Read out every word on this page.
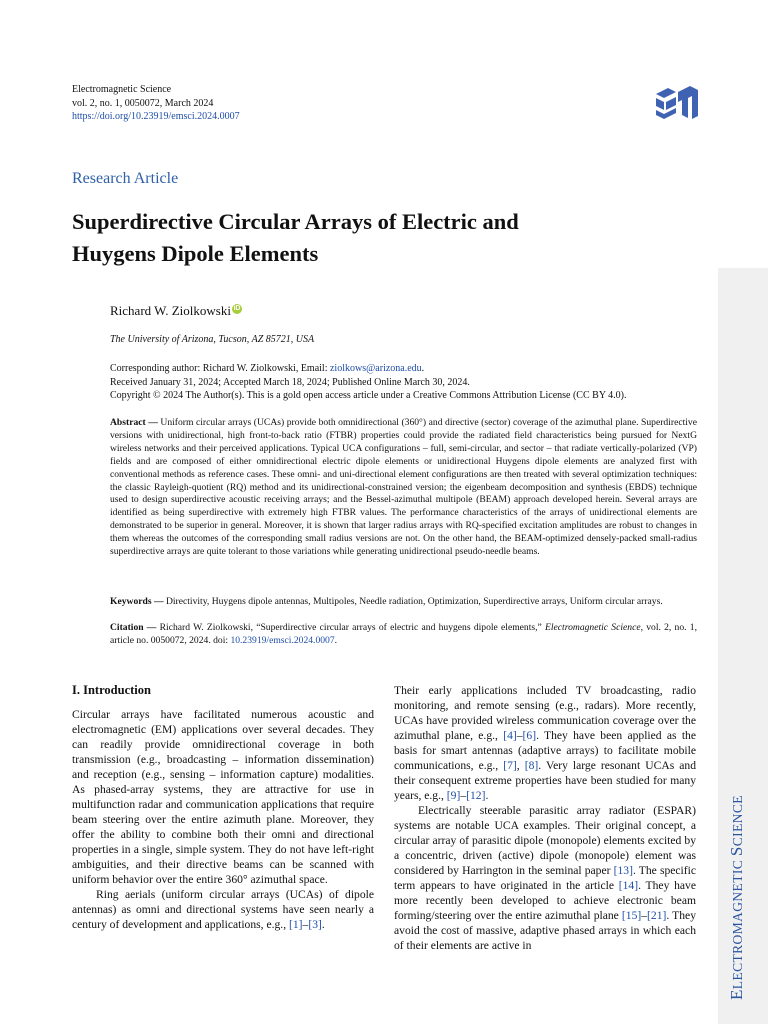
Electromagnetic Science
vol. 2, no. 1, 0050072, March 2024
https://doi.org/10.23919/emsci.2024.0007
Research Article
Superdirective Circular Arrays of Electric and
Huygens Dipole Elements
Richard W. Ziolkowski iD
The University of Arizona, Tucson, AZ 85721, USA
Corresponding author: Richard W. Ziolkowski, Email: ziolkows@arizona.edu.
Received January 31, 2024; Accepted March 18, 2024; Published Online March 30, 2024.
Copyright © 2024 The Author(s). This is a gold open access article under a Creative Commons Attribution License (CC BY 4.0).
Abstract — Uniform circular arrays (UCAs) provide both omnidirectional (360°) and directive (sector) coverage of the azimuthal plane. Superdirective versions with unidirectional, high front-to-back ratio (FTBR) properties could provide the radiated field characteristics being pursued for NextG wireless networks and their perceived applications. Typical UCA configurations – full, semi-circular, and sector – that radiate vertically-polarized (VP) fields and are composed of either omnidirectional electric dipole elements or unidirectional Huygens dipole elements are analyzed first with conventional methods as reference cases. These omni- and uni-directional element configurations are then treated with several optimization techniques: the classic Rayleigh-quotient (RQ) method and its unidirectional-constrained version; the eigenbeam decomposition and synthesis (EBDS) technique used to design superdirective acoustic receiving arrays; and the Bessel-azimuthal multipole (BEAM) approach developed herein. Several arrays are identified as being superdirective with extremely high FTBR values. The performance characteristics of the arrays of unidirectional elements are demonstrated to be superior in general. Moreover, it is shown that larger radius arrays with RQ-specified excitation amplitudes are robust to changes in them whereas the outcomes of the corresponding small radius versions are not. On the other hand, the BEAM-optimized densely-packed small-radius superdirective arrays are quite tolerant to those variations while generating unidirectional pseudo-needle beams.
Keywords — Directivity, Huygens dipole antennas, Multipoles, Needle radiation, Optimization, Superdirective arrays, Uniform circular arrays.
Citation — Richard W. Ziolkowski, “Superdirective circular arrays of electric and huygens dipole elements,” Electromagnetic Science, vol. 2, no. 1, article no. 0050072, 2024. doi: 10.23919/emsci.2024.0007.
I. Introduction

Circular arrays have facilitated numerous acoustic and electromagnetic (EM) applications over several decades. They can readily provide omnidirectional coverage in both transmission (e.g., broadcasting – information dissemination) and reception (e.g., sensing – information capture) modalities. As phased-array systems, they are attractive for use in multifunction radar and communication applications that require beam steering over the entire azimuth plane. Moreover, they offer the ability to combine both their omni and directional properties in a single, simple system. They do not have left-right ambiguities, and their directive beams can be scanned with uniform behavior over the entire 360° azimuthal space.

Ring aerials (uniform circular arrays (UCAs) of dipole antennas) as omni and directional systems have seen nearly a century of development and applications, e.g., [1]–[3].

Their early applications included TV broadcasting, radio monitoring, and remote sensing (e.g., radars). More recently, UCAs have provided wireless communication coverage over the azimuthal plane, e.g., [4]–[6]. They have been applied as the basis for smart antennas (adaptive arrays) to facilitate mobile communications, e.g., [7], [8]. Very large resonant UCAs and their consequent extreme properties have been studied for many years, e.g., [9]–[12].

Electrically steerable parasitic array radiator (ESPAR) systems are notable UCA examples. Their original concept, a circular array of parasitic dipole (monopole) elements excited by a concentric, driven (active) dipole (monopole) element was considered by Harrington in the seminal paper [13]. The specific term appears to have originated in the article [14]. They have more recently been developed to achieve electronic beam forming/steering over the entire azimuthal plane [15]–[21]. They avoid the cost of massive, adaptive phased arrays in which each of their elements are active in

ELECTROMAGNETIC SCIENCE
